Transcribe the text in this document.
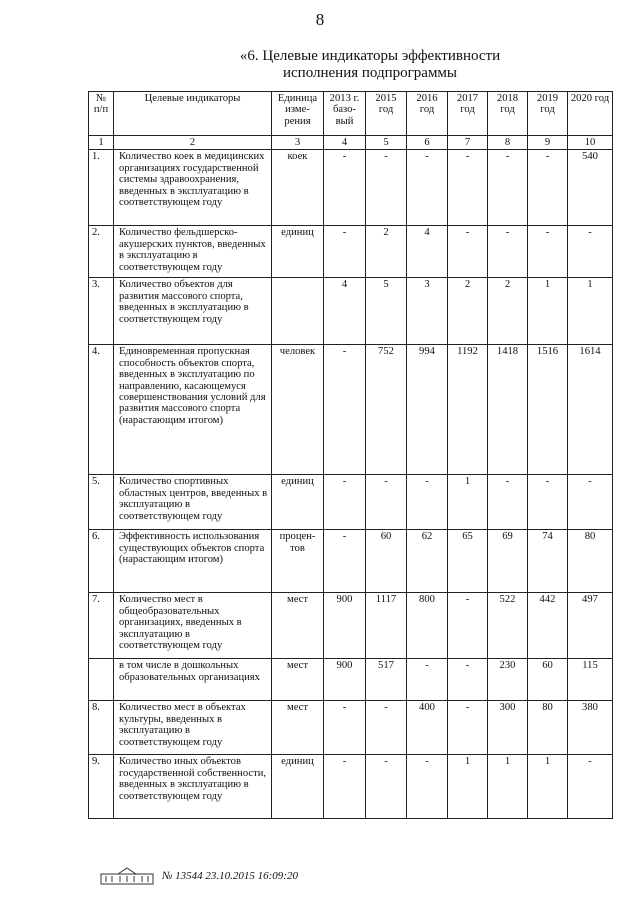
8
«6. Целевые индикаторы эффективности
исполнения подпрограммы
№ п/п	Целевые индикаторы	Единица изме-рения	2013 г. базо-вый	2015 год	2016 год	2017 год	2018 год	2019 год	2020 год
1	2	3	4	5	6	7	8	9	10
1.	Количество коек в медицинских организациях государственной системы здравоохранения, введенных в эксплуатацию в соответствующем году	коек	-	-	-	-	-	-	540
2.	Количество фельдшерско-акушерских пунктов, введенных в эксплуатацию в соответствующем году	единиц	-	2	4	-	-	-	-
3.	Количество объектов для развития массового спорта, введенных в эксплуатацию в соответствующем году		4	5	3	2	2	1	1
4.	Единовременная пропускная способность объектов спорта, введенных в эксплуатацию по направлению, касающемуся совершенствования условий для развития массового спорта (нарастающим итогом)	человек	-	752	994	1192	1418	1516	1614
5.	Количество спортивных областных центров, введенных в эксплуатацию в соответствующем году	единиц	-	-	-	1	-	-	-
6.	Эффективность использования существующих объектов спорта (нарастающим итогом)	процен-тов	-	60	62	65	69	74	80
7.	Количество мест в общеобразовательных организациях, введенных в эксплуатацию в соответствующем году	мест	900	1117	800	-	522	442	497
	в том числе в дошкольных образовательных организациях	мест	900	517	-	-	230	60	115
8.	Количество мест в объектах культуры, введенных в эксплуатацию в соответствующем году	мест	-	-	400	-	300	80	380
9.	Количество иных объектов государственной собственности, введенных в эксплуатацию в соответствующем году	единиц	-	-	-	1	1	1	-
№ 13544 23.10.2015 16:09:20
